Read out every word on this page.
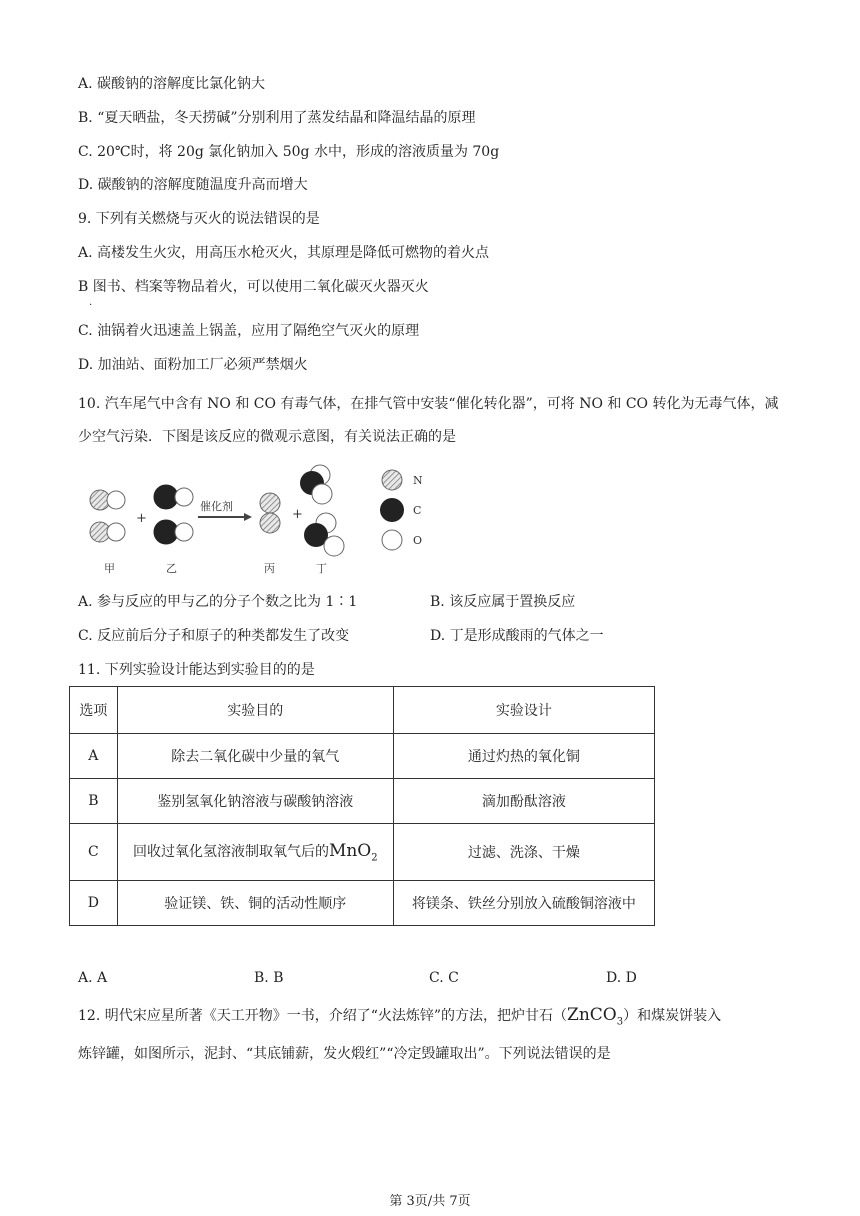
A. 碳酸钠的溶解度比氯化钠大
B. “夏天晒盐，冬天捞碱”分别利用了蒸发结晶和降温结晶的原理
C. 20℃时，将 20g 氯化钠加入 50g 水中，形成的溶液质量为 70g
D. 碳酸钠的溶解度随温度升高而增大
9. 下列有关燃烧与灭火的说法错误的是
A. 高楼发生火灾，用高压水枪灭火，其原理是降低可燃物的着火点
B 图书、档案等物品着火，可以使用二氧化碳灭火器灭火
.
C. 油锅着火迅速盖上锅盖，应用了隔绝空气灭火的原理
D. 加油站、面粉加工厂必须严禁烟火
10. 汽车尾气中含有 NO 和 CO 有毒气体，在排气管中安装“催化转化器”，可将 NO 和 CO 转化为无毒气体，减少空气污染．下图是该反应的微观示意图，有关说法正确的是
+
催化剂
+
N
C
O
甲	乙	丙	丁
A. 参与反应的甲与乙的分子个数之比为 1∶1	B. 该反应属于置换反应
C. 反应前后分子和原子的种类都发生了改变	D. 丁是形成酸雨的气体之一
11. 下列实验设计能达到实验目的的是
选项	实验目的	实验设计
A	除去二氧化碳中少量的氧气	通过灼热的氧化铜
B	鉴别氢氧化钠溶液与碳酸钠溶液	滴加酚酞溶液
C	回收过氧化氢溶液制取氧气后的MnO$_2$	过滤、洗涤、干燥
D	验证镁、铁、铜的活动性顺序	将镁条、铁丝分别放入硫酸铜溶液中
A. A	B. B	C. C	D. D
12. 明代宋应星所著《天工开物》一书，介绍了“火法炼锌”的方法，把炉甘石（ZnCO$_3$）和煤炭饼装入
炼锌罐，如图所示，泥封、“其底铺薪，发火煅红”“冷定毁罐取出”。下列说法错误的是
第 3页/共 7页
